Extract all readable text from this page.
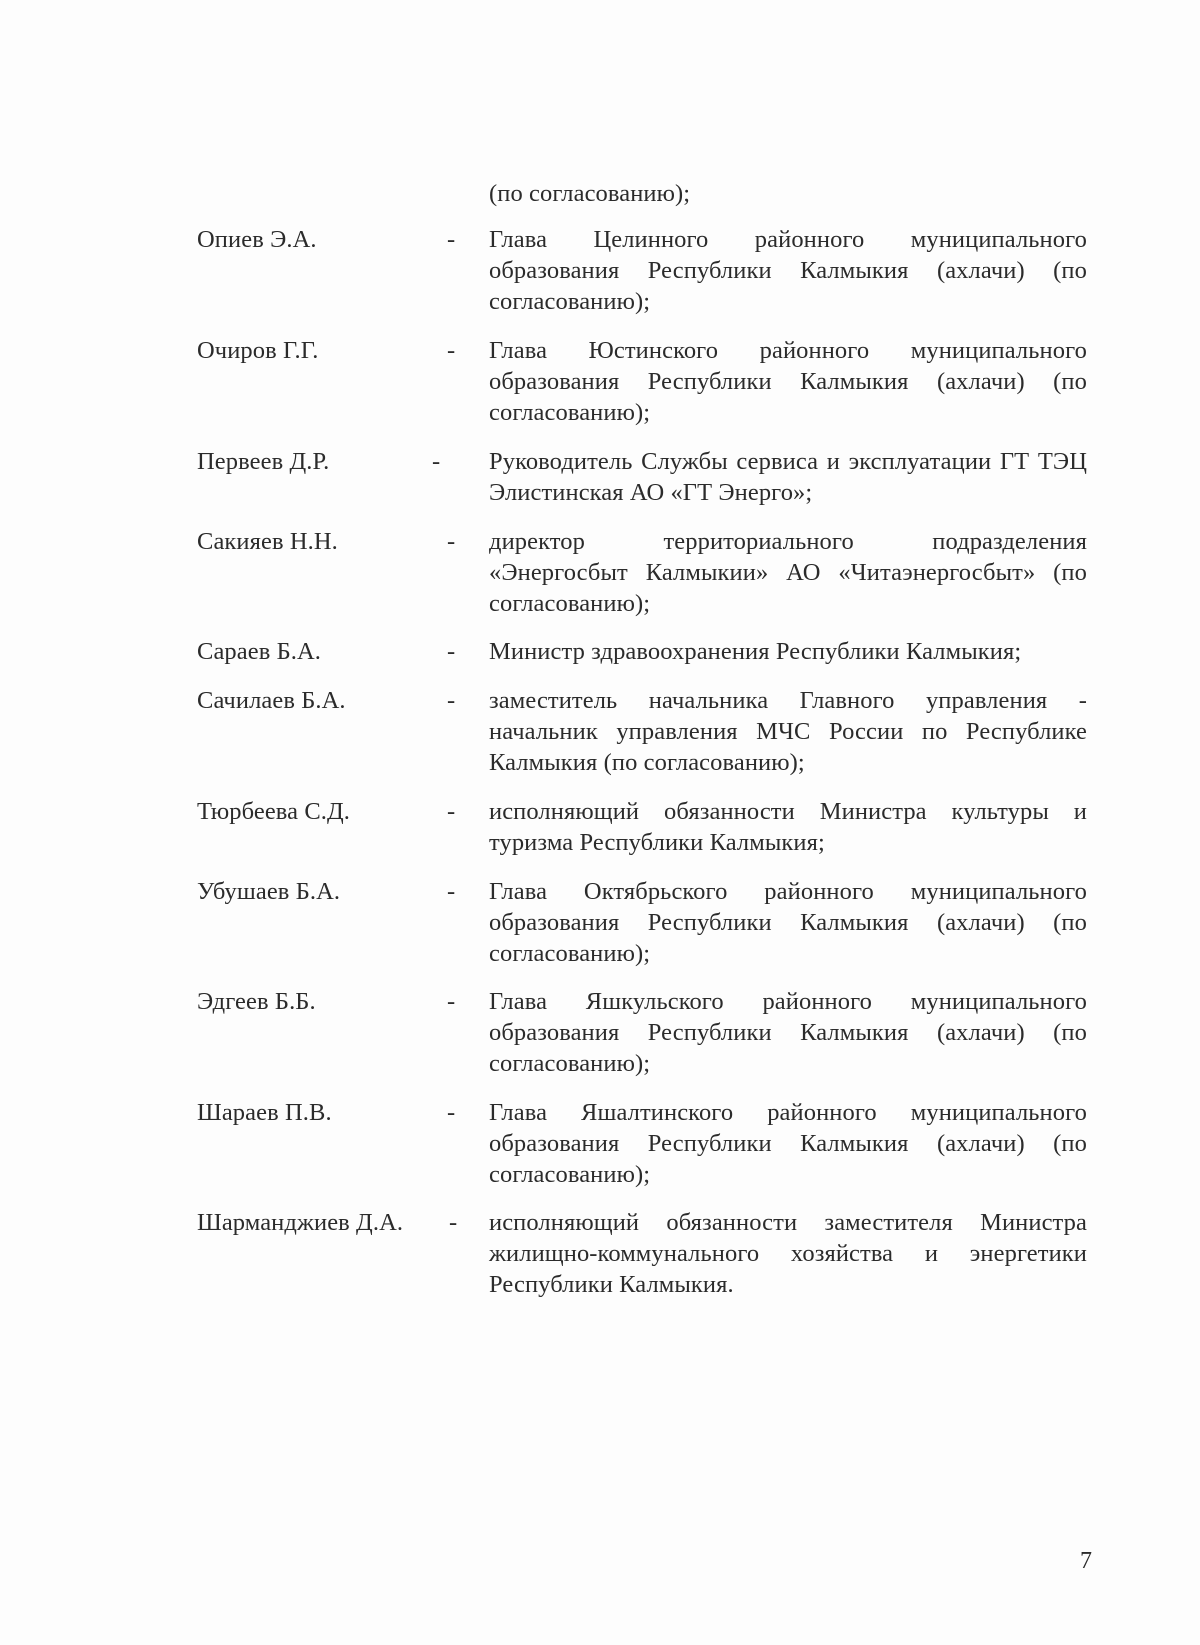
(по согласованию);
Опиев Э.А.	- Глава Целинного районного муниципального образования Республики Калмыкия (ахлачи) (по согласованию);
Очиров Г.Г.	- Глава Юстинского районного муниципального образования Республики Калмыкия (ахлачи) (по согласованию);
Первеев Д.Р.	- Руководитель Службы сервиса и эксплуатации ГТ ТЭЦ Элистинская АО «ГТ Энерго»;
Сакияев Н.Н.	- директор территориального подразделения «Энергосбыт Калмыкии» АО «Читаэнергосбыт» (по согласованию);
Сараев Б.А.	- Министр здравоохранения Республики Калмыкия;
Сачилаев Б.А.	- заместитель начальника Главного управления - начальник управления МЧС России по Республике Калмыкия (по согласованию);
Тюрбеева С.Д.	- исполняющий обязанности Министра культуры и туризма Республики Калмыкия;
Убушаев Б.А.	- Глава Октябрьского районного муниципального образования Республики Калмыкия (ахлачи) (по согласованию);
Эдгеев Б.Б.	- Глава Яшкульского районного муниципального образования Республики Калмыкия (ахлачи) (по согласованию);
Шараев П.В.	- Глава Яшалтинского районного муниципального образования Республики Калмыкия (ахлачи) (по согласованию);
Шарманджиев Д.А. - исполняющий обязанности заместителя Министра жилищно-коммунального хозяйства и энергетики Республики Калмыкия.
7
